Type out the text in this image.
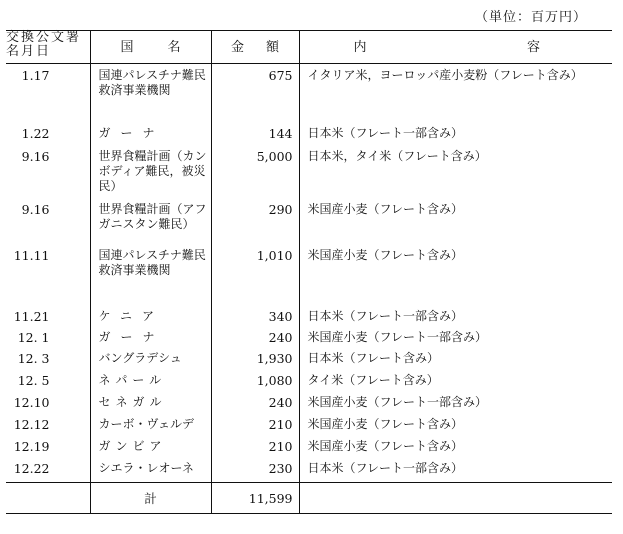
（単位：百万円）
交換公文署名月日	国名	金額	内 容

1.17	国連パレスチナ難民救済事業機関	675	イタリア米，ヨーロッパ産小麦粉（フレート含み）
1.22	ガーナ	144	日本米（フレート一部含み）
9.16	世界食糧計画（カンボディア難民，被災民）	5,000	日本米，タイ米（フレート含み）
9.16	世界食糧計画（アフガニスタン難民）	290	米国産小麦（フレート含み）
11.11	国連パレスチナ難民救済事業機関	1,010	米国産小麦（フレート含み）
11.21	ケニア	340	日本米（フレート一部含み）
12. 1	ガーナ	240	米国産小麦（フレート一部含み）
12. 3	バングラデシュ	1,930	日本米（フレート含み）
12. 5	ネパール	1,080	タイ米（フレート含み）
12.10	セネガル	240	米国産小麦（フレート一部含み）
12.12	カーボ・ヴェルデ	210	米国産小麦（フレート含み）
12.19	ガンビア	210	米国産小麦（フレート含み）
12.22	シエラ・レオーネ	230	日本米（フレート一部含み）
	計	11,599	
